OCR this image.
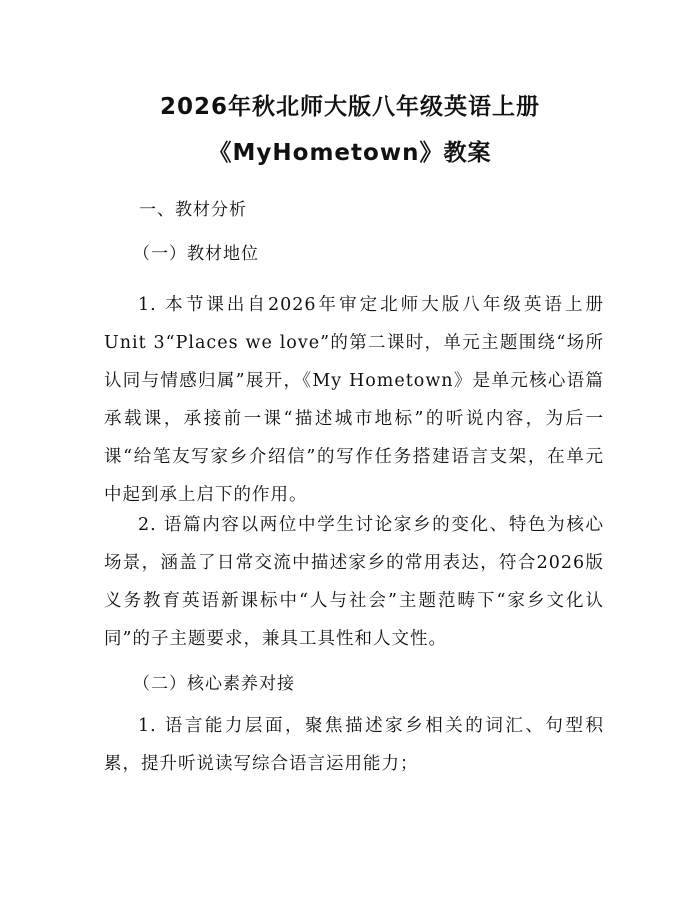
2026年秋北师大版八年级英语上册
《MyHometown》教案
一、教材分析
（一）教材地位

1. 本节课出自2026年审定北师大版八年级英语上册Unit 3“Places we love”的第二课时，单元主题围绕“场所认同与情感归属”展开，《My Hometown》是单元核心语篇承载课，承接前一课“描述城市地标”的听说内容，为后一课“给笔友写家乡介绍信”的写作任务搭建语言支架，在单元中起到承上启下的作用。

2. 语篇内容以两位中学生讨论家乡的变化、特色为核心场景，涵盖了日常交流中描述家乡的常用表达，符合2026版义务教育英语新课标中“人与社会”主题范畴下“家乡文化认同”的子主题要求，兼具工具性和人文性。

（二）核心素养对接

1. 语言能力层面，聚焦描述家乡相关的词汇、句型积累，提升听说读写综合语言运用能力；
